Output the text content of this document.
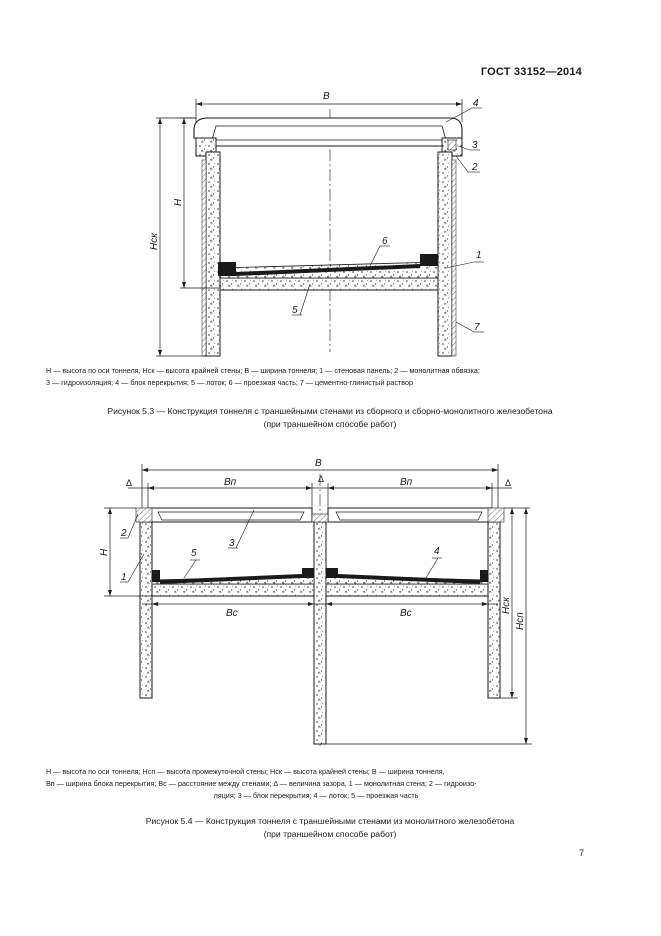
ГОСТ 33152—2014
B
H
Hск
4
3
2
1
7
6
5
H — высота по оси тоннеля, Hск — высота крайней стены; B — ширина тоннеля; 1 — стеновая панель; 2 — монолитная обвязка;
3 — гидроизоляция; 4 — блок перекрытия; 5 — лоток; 6 — проезжая часть; 7 — цементно-глинистый раствор
Рисунок 5.3 — Конструкция тоннеля с траншейными стенами из сборного и сборно-монолитного железобетона
(при траншейном способе работ)
B
Bп	Bп
Δ	Δ	Δ
Bс	Bс
H
Hск
Hсп
2
1
3
5	4
H — высота по оси тоннеля; Hсп — высота промежуточной стены; Hск — высота крайней стены; B — ширина тоннеля,
Bп — ширина блока перекрытия; Bс — расстояние между стенами; Δ — величина зазора, 1 — монолитная стена; 2 — гидроизо-
ляция; 3 — блок перекрытия; 4 — лоток; 5 — проезжая часть
Рисунок 5.4 — Конструкция тоннеля с траншейными стенами из монолитного железобетона
(при траншейном способе работ)
7
